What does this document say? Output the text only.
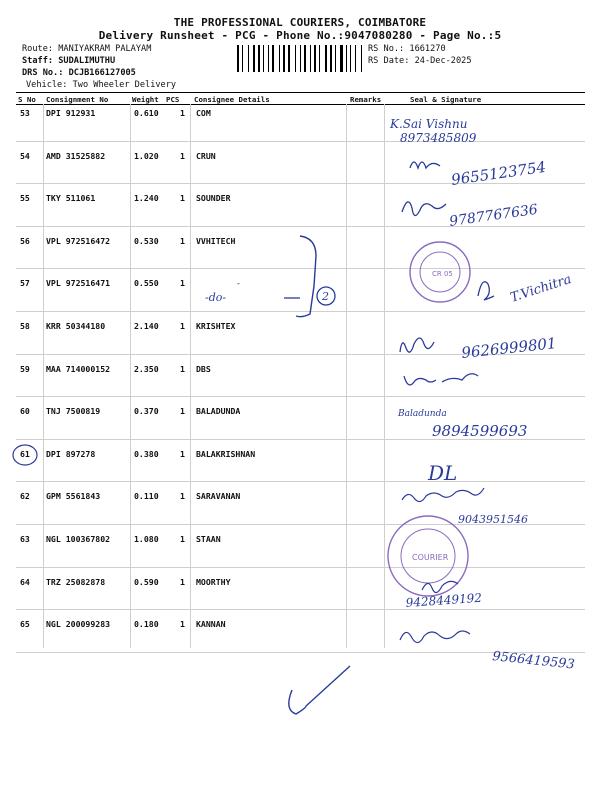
THE PROFESSIONAL COURIERS, COIMBATORE
Delivery Runsheet - PCG - Phone No.:9047080280 - Page No.:5
Route: MANIYAKRAM PALAYAM
Staff: SUDALIMUTHU
DRS No.: DCJB166127005
Vehicle: Two Wheeler Delivery
RS No.: 1661270
RS Date: 24-Dec-2025
S No Consignment No	Weight PCS Consignee Details	Remarks	Seal & Signature
53 DPI 912931	0.610	1 COM
54 AMD 31525882	1.020	1 CRUN
55 TKY 511061	1.240	1 SOUNDER
56 VPL 972516472	0.530	1 VVHITECH
57 VPL 972516471	0.550	1
58 KRR 50344180	2.140	1 KRISHTEX
59 MAA 714000152	2.350	1 DBS
60 TNJ 7500819	0.370	1 BALADUNDA
61 DPI 897278	0.380	1 BALAKRISHNAN
62 GPM 5561843	0.110	1 SARAVANAN
63 NGL 100367802	1.080	1 STAAN
64 TRZ 25082878	0.590	1 MOORTHY
65 NGL 200099283	0.180	1 KANNAN
CR 05
COURIER
K.Sai Vishnu
8973485809
9655123754
9787767636
-do-	2
-	T.Vichitra
9626999801
Baladunda
9894599693
DL
9043951546
9428449192
9566419593
